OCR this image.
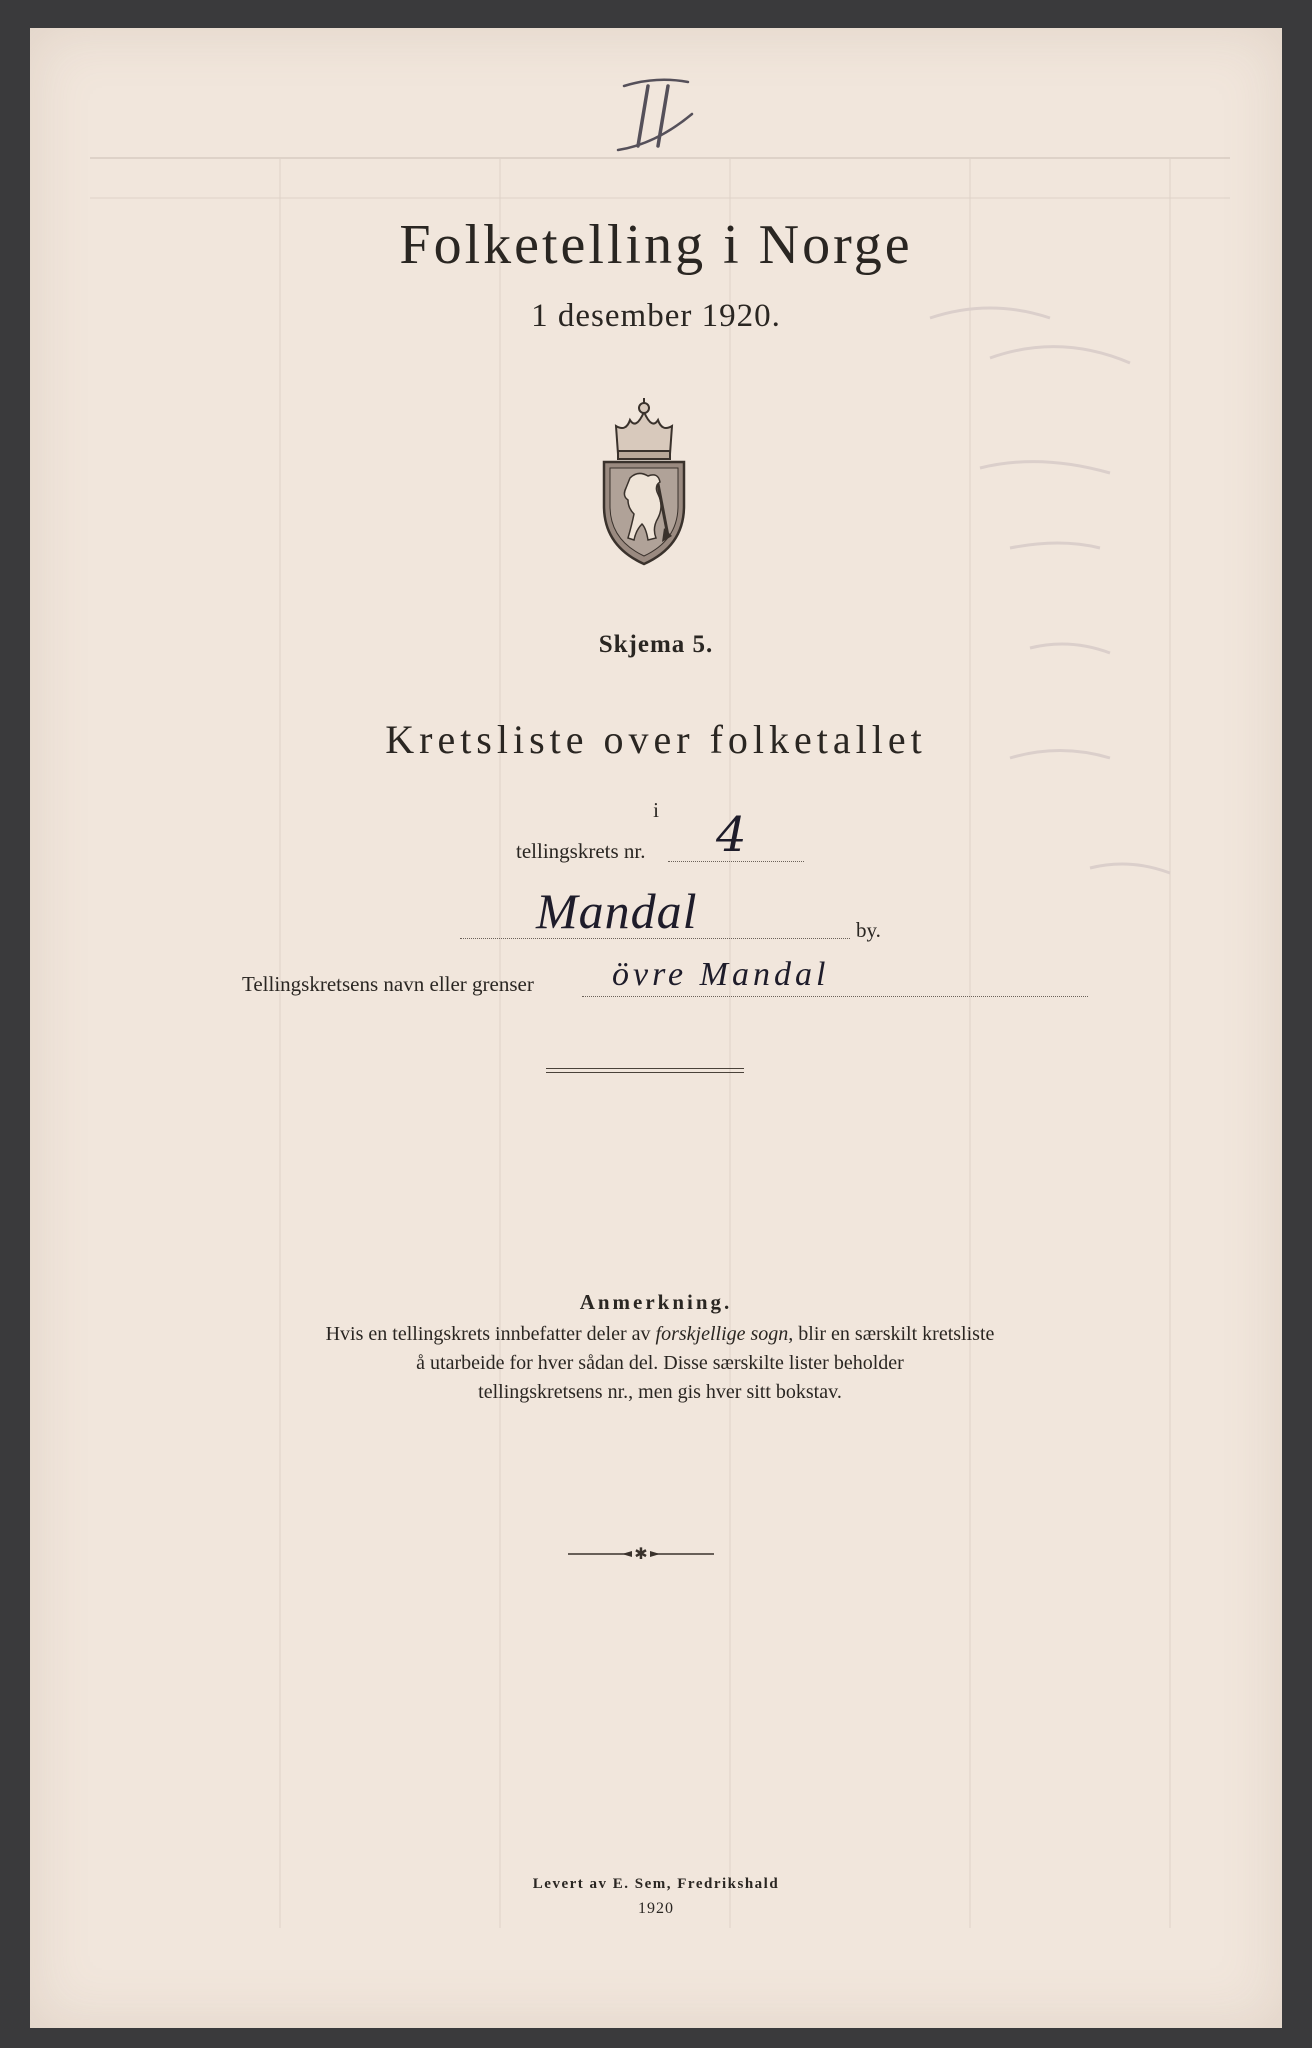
Folketelling i Norge
1 desember 1920.
Skjema 5.
Kretsliste over folketallet
i
tellingskrets nr. 4
Mandal	by.
Tellingskretsens navn eller grenser övre Mandal
Anmerkning.
Hvis en tellingskrets innbefatter deler av forskjellige sogn, blir en særskilt kretsliste
å utarbeide for hver sådan del. Disse særskilte lister beholder
tellingskretsens nr., men gis hver sitt bokstav.
✱
Levert av E. Sem, Fredrikshald
1920
